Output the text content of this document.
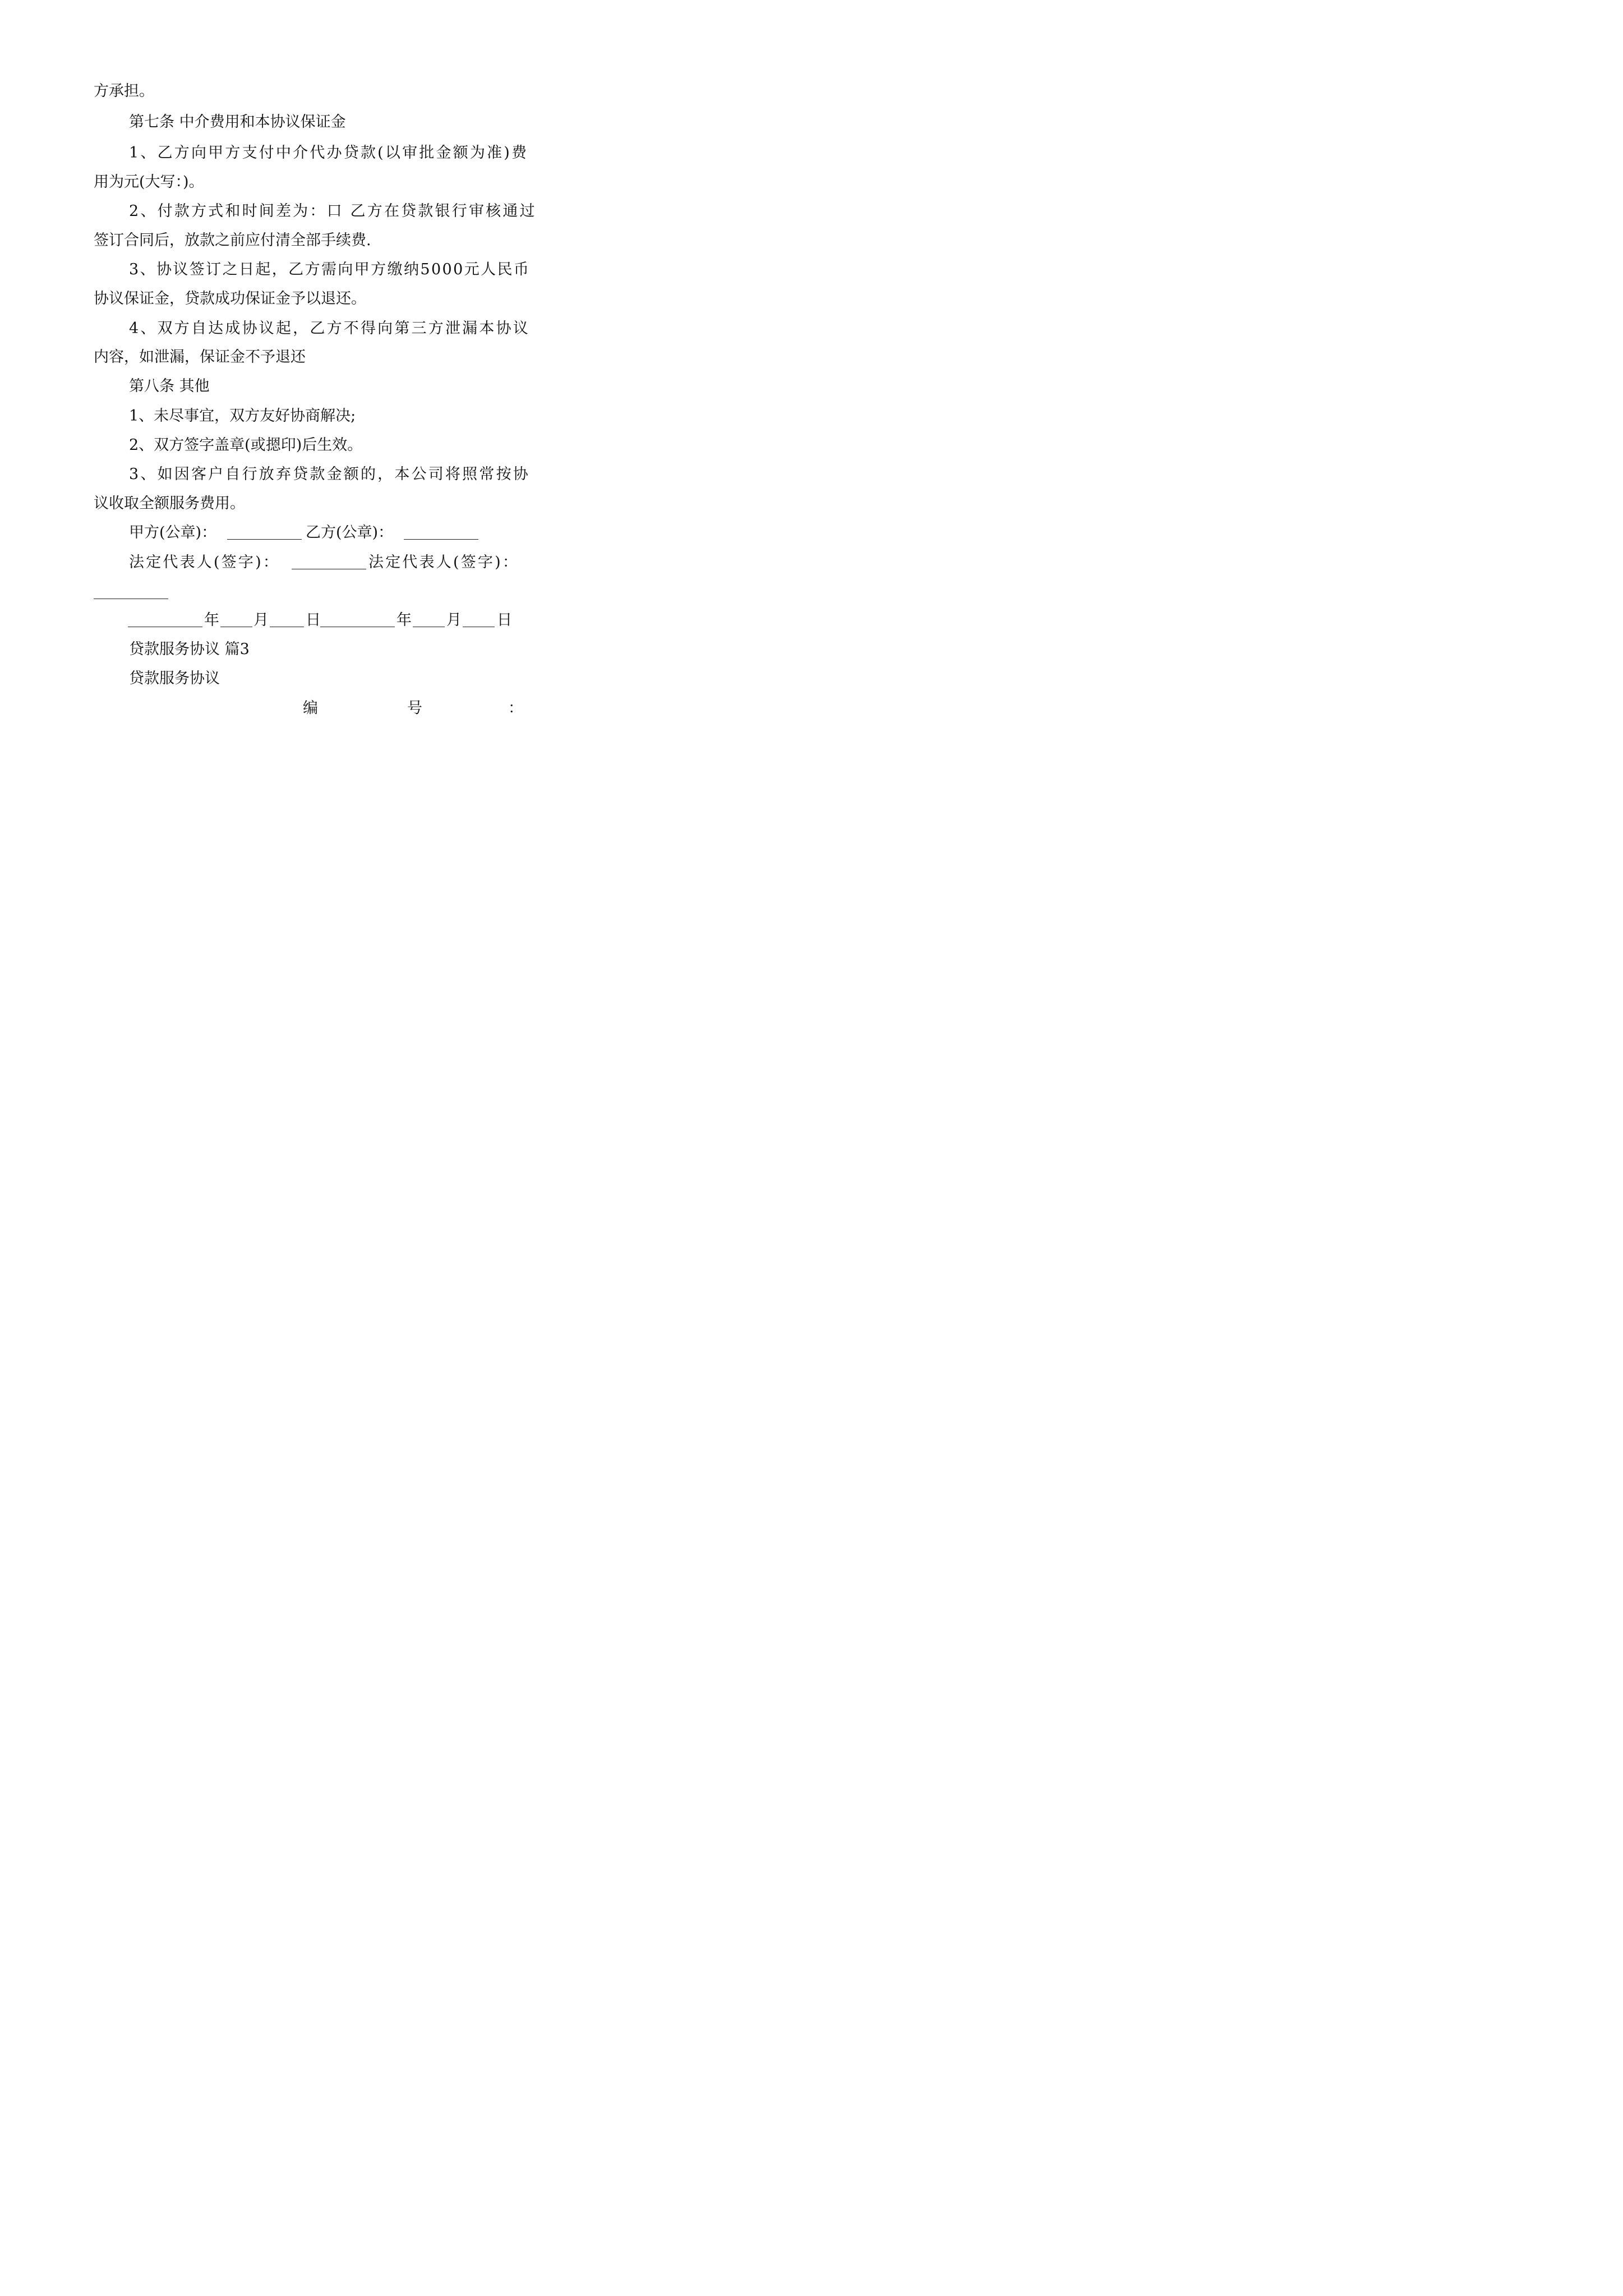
方承担。
第七条 中介费用和本协议保证金
1、乙方向甲方支付中介代办贷款(以审批金额为准)费
用为元(大写：)。
2、付款方式和时间差为：口 乙方在贷款银行审核通过
签订合同后，放款之前应付清全部手续费.
3、协议签订之日起，乙方需向甲方缴纳5000元人民币
协议保证金，贷款成功保证金予以退还。
4、双方自达成协议起，乙方不得向第三方泄漏本协议
内容，如泄漏，保证金不予退还
第八条 其他
1、未尽事宜，双方友好协商解决;
2、双方签字盖章(或摁印)后生效。
3、如因客户自行放弃贷款金额的，本公司将照常按协
议收取全额服务费用。
甲方(公章)：	乙方(公章)：
法定代表人(签字)：	法定代表人(签字)：
年 月 日	年 月 日
贷款服务协议 篇3
贷款服务协议
编	号	：
